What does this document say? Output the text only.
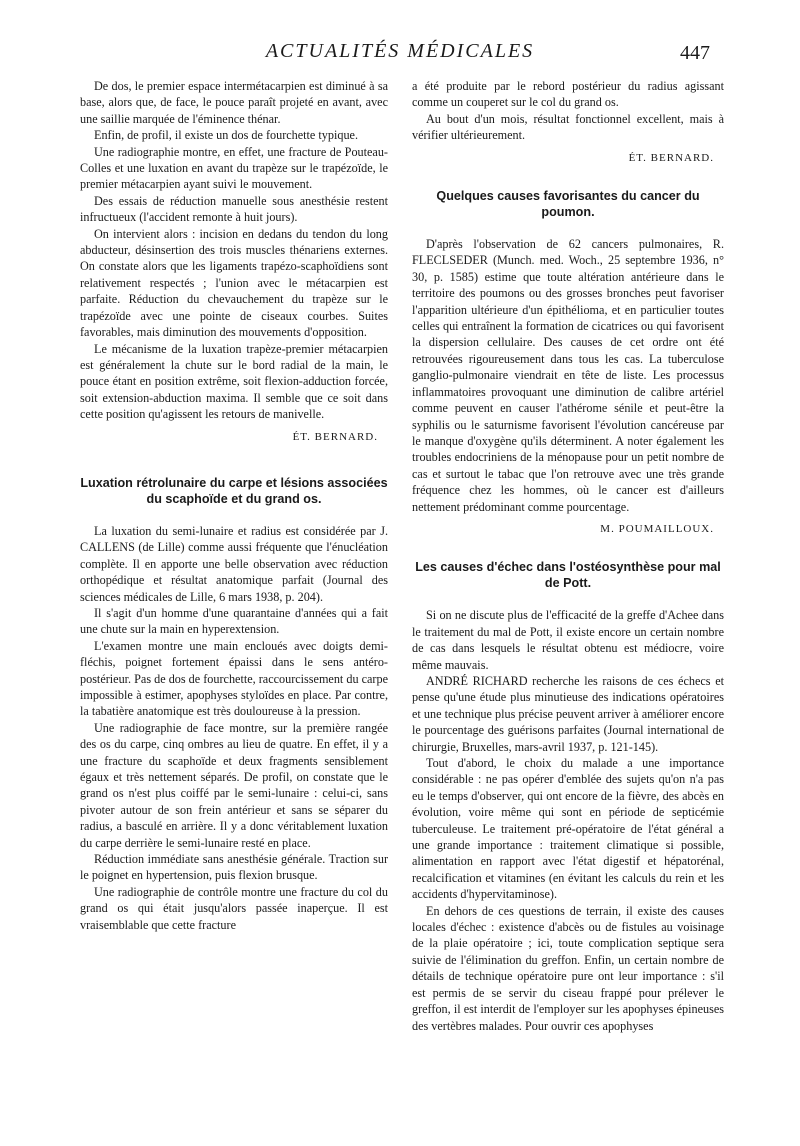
ACTUALITÉS MÉDICALES	447

De dos, le premier espace intermétacarpien est diminué à sa base, alors que, de face, le pouce paraît projeté en avant, avec une saillie marquée de l'éminence thénar.

Enfin, de profil, il existe un dos de fourchette typique.

Une radiographie montre, en effet, une fracture de Pouteau-Colles et une luxation en avant du trapèze sur le trapézoïde, le premier métacarpien ayant suivi le mouvement.

Des essais de réduction manuelle sous anesthésie restent infructueux (l'accident remonte à huit jours).

On intervient alors : incision en dedans du tendon du long abducteur, désinsertion des trois muscles thénariens externes. On constate alors que les ligaments trapézo-scaphoïdiens sont relativement respectés ; l'union avec le métacarpien est parfaite. Réduction du chevauchement du trapèze sur le trapézoïde avec une pointe de ciseaux courbes. Suites favorables, mais diminution des mouvements d'opposition.

Le mécanisme de la luxation trapèze-premier métacarpien est généralement la chute sur le bord radial de la main, le pouce étant en position extrême, soit flexion-adduction forcée, soit extension-abduction maxima. Il semble que ce soit dans cette position qu'agissent les retours de manivelle.

ÉT. BERNARD.

Luxation rétrolunaire du carpe et lésions associées du scaphoïde et du grand os.

La luxation du semi-lunaire et radius est considérée par J. CALLENS (de Lille) comme aussi fréquente que l'énucléation complète. Il en apporte une belle observation avec réduction orthopédique et résultat anatomique parfait (Journal des sciences médicales de Lille, 6 mars 1938, p. 204).

Il s'agit d'un homme d'une quarantaine d'années qui a fait une chute sur la main en hyperextension.

L'examen montre une main encloués avec doigts demi-fléchis, poignet fortement épaissi dans le sens antéro-postérieur. Pas de dos de fourchette, raccourcissement du carpe impossible à estimer, apophyses styloïdes en place. Par contre, la tabatière anatomique est très douloureuse à la pression.

Une radiographie de face montre, sur la première rangée des os du carpe, cinq ombres au lieu de quatre. En effet, il y a une fracture du scaphoïde et deux fragments sensiblement égaux et très nettement séparés. De profil, on constate que le grand os n'est plus coiffé par le semi-lunaire : celui-ci, sans pivoter autour de son frein antérieur et sans se séparer du radius, a basculé en arrière. Il y a donc véritablement luxation du carpe derrière le semi-lunaire resté en place.

Réduction immédiate sans anesthésie générale. Traction sur le poignet en hypertension, puis flexion brusque.

Une radiographie de contrôle montre une fracture du col du grand os qui était jusqu'alors passée inaperçue. Il est vraisemblable que cette fracture

a été produite par le rebord postérieur du radius agissant comme un couperet sur le col du grand os.

Au bout d'un mois, résultat fonctionnel excellent, mais à vérifier ultérieurement.

ÉT. BERNARD.

Quelques causes favorisantes du cancer du poumon.

D'après l'observation de 62 cancers pulmonaires, R. FLECLSEDER (Munch. med. Woch., 25 septembre 1936, n° 30, p. 1585) estime que toute altération antérieure dans le territoire des poumons ou des grosses bronches peut favoriser l'apparition ultérieure d'un épithélioma, et en particulier toutes celles qui entraînent la formation de cicatrices ou qui favorisent la dispersion cellulaire. Des causes de cet ordre ont été retrouvées rigoureusement dans tous les cas. La tuberculose ganglio-pulmonaire viendrait en tête de liste. Les processus inflammatoires provoquant une diminution de calibre artériel comme peuvent en causer l'athérome sénile et peut-être la syphilis ou le saturnisme favorisent l'évolution cancéreuse par le manque d'oxygène qu'ils déterminent. A noter également les troubles endocriniens de la ménopause pour un petit nombre de cas et surtout le tabac que l'on retrouve avec une très grande fréquence chez les hommes, où le cancer est d'ailleurs nettement prédominant comme pourcentage.

M. POUMAILLOUX.

Les causes d'échec dans l'ostéosynthèse pour mal de Pott.

Si on ne discute plus de l'efficacité de la greffe d'Achee dans le traitement du mal de Pott, il existe encore un certain nombre de cas dans lesquels le résultat obtenu est médiocre, voire même mauvais.

ANDRÉ RICHARD recherche les raisons de ces échecs et pense qu'une étude plus minutieuse des indications opératoires et une technique plus précise peuvent arriver à améliorer encore le pourcentage des guérisons parfaites (Journal international de chirurgie, Bruxelles, mars-avril 1937, p. 121-145).

Tout d'abord, le choix du malade a une importance considérable : ne pas opérer d'emblée des sujets qu'on n'a pas eu le temps d'observer, qui ont encore de la fièvre, des abcès en évolution, voire même qui sont en période de septicémie tuberculeuse. Le traitement pré-opératoire de l'état général a une grande importance : traitement climatique si possible, alimentation en rapport avec l'état digestif et hépatorénal, recalcification et vitamines (en évitant les calculs du rein et les accidents d'hypervitaminose).

En dehors de ces questions de terrain, il existe des causes locales d'échec : existence d'abcès ou de fistules au voisinage de la plaie opératoire ; ici, toute complication septique sera suivie de l'élimination du greffon. Enfin, un certain nombre de détails de technique opératoire pure ont leur importance : s'il est permis de se servir du ciseau frappé pour prélever le greffon, il est interdit de l'employer sur les apophyses épineuses des vertèbres malades. Pour ouvrir ces apophyses
